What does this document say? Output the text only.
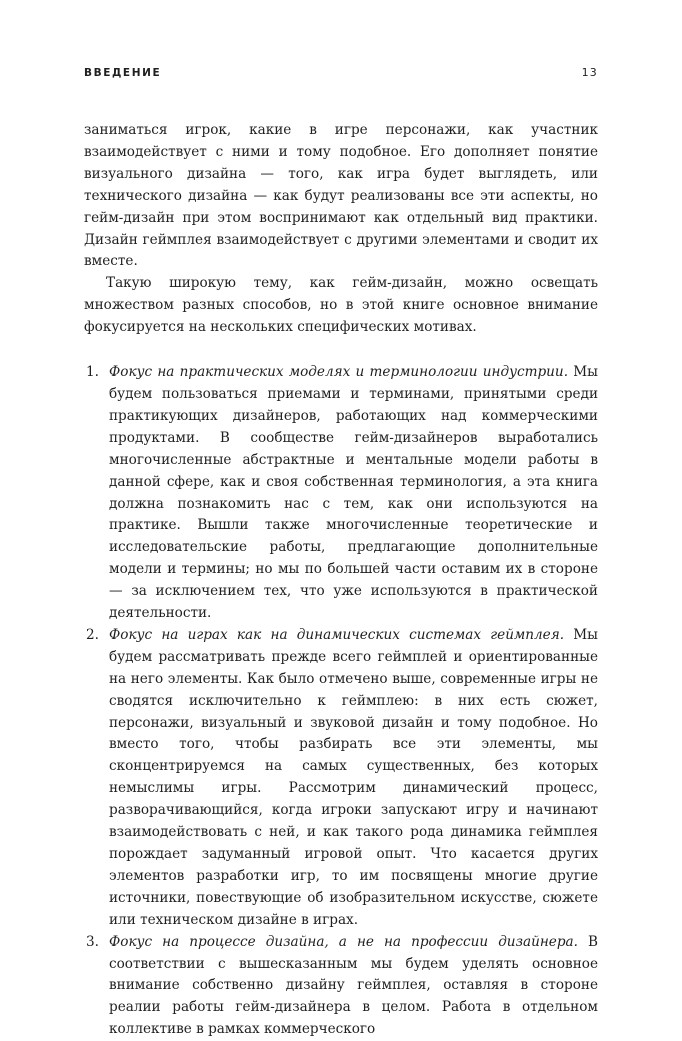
ВВЕДЕНИЕ	13

заниматься игрок, какие в игре персонажи, как участник взаимодействует с ними и тому подобное. Его дополняет понятие визуального дизайна — того, как игра будет выглядеть, или технического дизайна — как будут реализованы все эти аспекты, но гейм-дизайн при этом воспринимают как отдельный вид практики. Дизайн геймплея взаимодействует с другими элементами и сводит их вместе.

Такую широкую тему, как гейм-дизайн, можно освещать множеством разных способов, но в этой книге основное внимание фокусируется на нескольких специфических мотивах.

1. Фокус на практических моделях и терминологии индустрии. Мы будем пользоваться приемами и терминами, принятыми среди практикующих дизайнеров, работающих над коммерческими продуктами. В сообществе гейм-дизайнеров выработались многочисленные абстрактные и ментальные модели работы в данной сфере, как и своя собственная терминология, а эта книга должна познакомить нас с тем, как они используются на практике. Вышли также многочисленные теоретические и исследовательские работы, предлагающие дополнительные модели и термины; но мы по большей части оставим их в стороне — за исключением тех, что уже используются в практической деятельности.
2. Фокус на играх как на динамических системах геймплея. Мы будем рассматривать прежде всего геймплей и ориентированные на него элементы. Как было отмечено выше, современные игры не сводятся исключительно к геймплею: в них есть сюжет, персонажи, визуальный и звуковой дизайн и тому подобное. Но вместо того, чтобы разбирать все эти элементы, мы сконцентрируемся на самых существенных, без которых немыслимы игры. Рассмотрим динамический процесс, разворачивающийся, когда игроки запускают игру и начинают взаимодействовать с ней, и как такого рода динамика геймплея порождает задуманный игровой опыт. Что касается других элементов разработки игр, то им посвящены многие другие источники, повествующие об изобразительном искусстве, сюжете или техническом дизайне в играх.
3. Фокус на процессе дизайна, а не на профессии дизайнера. В соответствии с вышесказанным мы будем уделять основное внимание собственно дизайну геймплея, оставляя в стороне реалии работы гейм-дизайнера в целом. Работа в отдельном коллективе в рамках коммерческого
